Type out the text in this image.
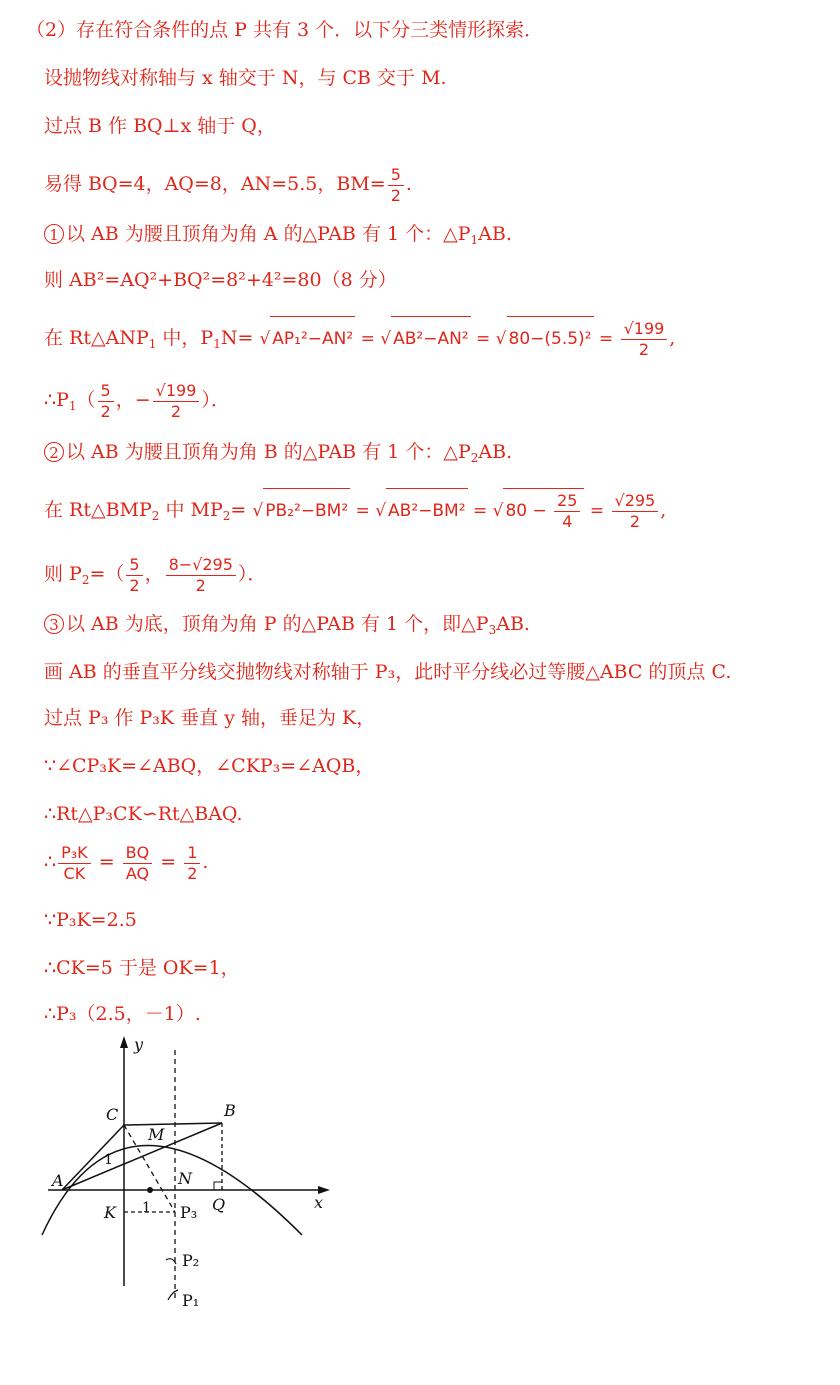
（2）存在符合条件的点 P 共有 3 个．以下分三类情形探索．
设抛物线对称轴与 x 轴交于 N，与 CB 交于 M.
过点 B 作 BQ⊥x 轴于 Q，
易得 BQ=4，AQ=8，AN=5.5，$BM= \frac{5}{2}$ .
1 以 AB 为腰且顶角为角 A 的△PAB 有 1 个：$\triangle P_1AB$.
则 AB²=AQ²+BQ²=8²+4²=80（8 分）
在 $Rt\triangle ANP_1$ 中，$P_1N=$ √ AP₁²−AN² = √ AB²−AN² = √ $80-(5.5)^2 = \frac{√199}{2}$ ,
$\therefore P_1( \frac{5}{2}$ ，− $\frac{√199}{2}$ ）．
2 以 AB 为腰且顶角为角 B 的△PAB 有 1 个：$\triangle P_2AB$.
在 $Rt\triangle BMP_2$ 中 $MP_2=$ √ PB₂²−BM² = √ AB²−BM² = √ $80 - \frac{25}{4} = \frac{√295}{2}$ ,
则 $P_2=( \frac{5}{2}$ ， $\frac{8-√295}{2}$ ）．
3 以 AB 为底，顶角为角 P 的△PAB 有 1 个，即$\triangle P_3AB$.
画 AB 的垂直平分线交抛物线对称轴于 P₃，此时平分线必过等腰△ABC 的顶点 C.
过点 P₃ 作 P₃K 垂直 y 轴，垂足为 K，
∵∠CP₃K=∠ABQ，∠CKP₃=∠AQB，
∴Rt△P₃CK∽Rt△BAQ.
∴ $\frac{\text{P₃K}}{CK} = \frac{BQ}{AQ} = \frac{1}{2}$ .
∵P₃K=2.5
∴CK=5 于是 OK=1，
∴P₃（2.5，－1）.
y
x
C	B
M
A	N
Q
K
1
1 P₃
P₂
P₁
